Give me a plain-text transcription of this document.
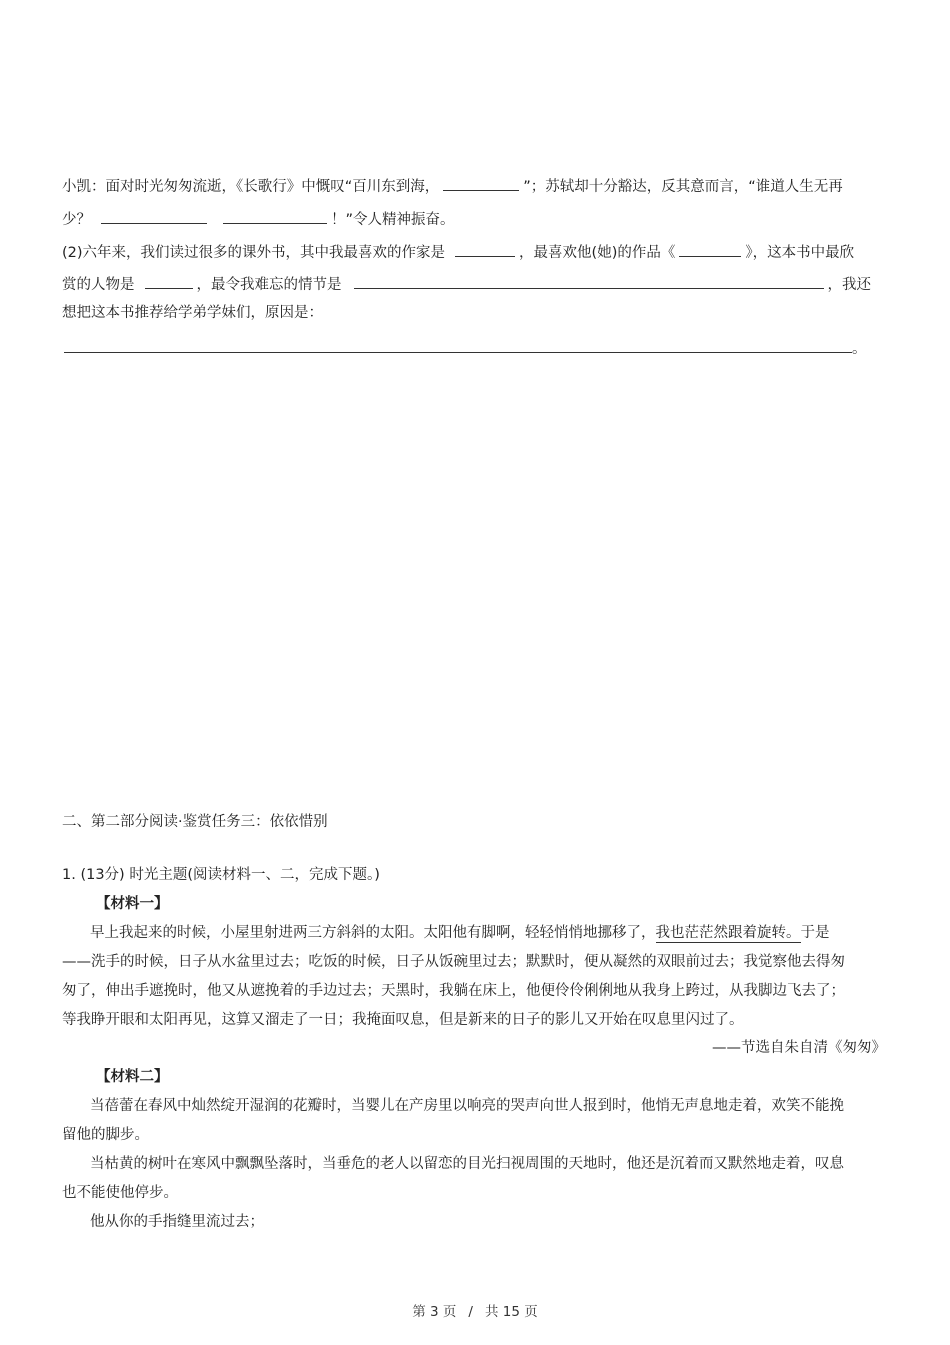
小凯：面对时光匆匆流逝，《长歌行》中慨叹“百川东到海，	”；苏轼却十分豁达，反其意而言，“谁道人生无再
少？	！”令人精神振奋。
(2)六年来，我们读过很多的课外书，其中我最喜欢的作家是	，最喜欢他(她)的作品《	》，这本书中最欣
赏的人物是	，最令我难忘的情节是	，我还
想把这本书推荐给学弟学妹们，原因是：
。
二、第二部分阅读·鉴赏任务三：依依惜别
1. (13分) 时光主题(阅读材料一、二，完成下题。)
【材料一】
早上我起来的时候，小屋里射进两三方斜斜的太阳。太阳他有脚啊，轻轻悄悄地挪移了，我也茫茫然跟着旋转。于是
——洗手的时候，日子从水盆里过去；吃饭的时候，日子从饭碗里过去；默默时，便从凝然的双眼前过去；我觉察他去得匆
匆了，伸出手遮挽时，他又从遮挽着的手边过去；天黑时，我躺在床上，他便伶伶俐俐地从我身上跨过，从我脚边飞去了；
等我睁开眼和太阳再见，这算又溜走了一日；我掩面叹息，但是新来的日子的影儿又开始在叹息里闪过了。
——节选自朱自清《匆匆》
【材料二】
当蓓蕾在春风中灿然绽开湿润的花瓣时，当婴儿在产房里以响亮的哭声向世人报到时，他悄无声息地走着，欢笑不能挽
留他的脚步。
当枯黄的树叶在寒风中飘飘坠落时，当垂危的老人以留恋的目光扫视周围的天地时，他还是沉着而又默然地走着，叹息
也不能使他停步。
他从你的手指缝里流过去；
第 3 页 / 共 15 页
